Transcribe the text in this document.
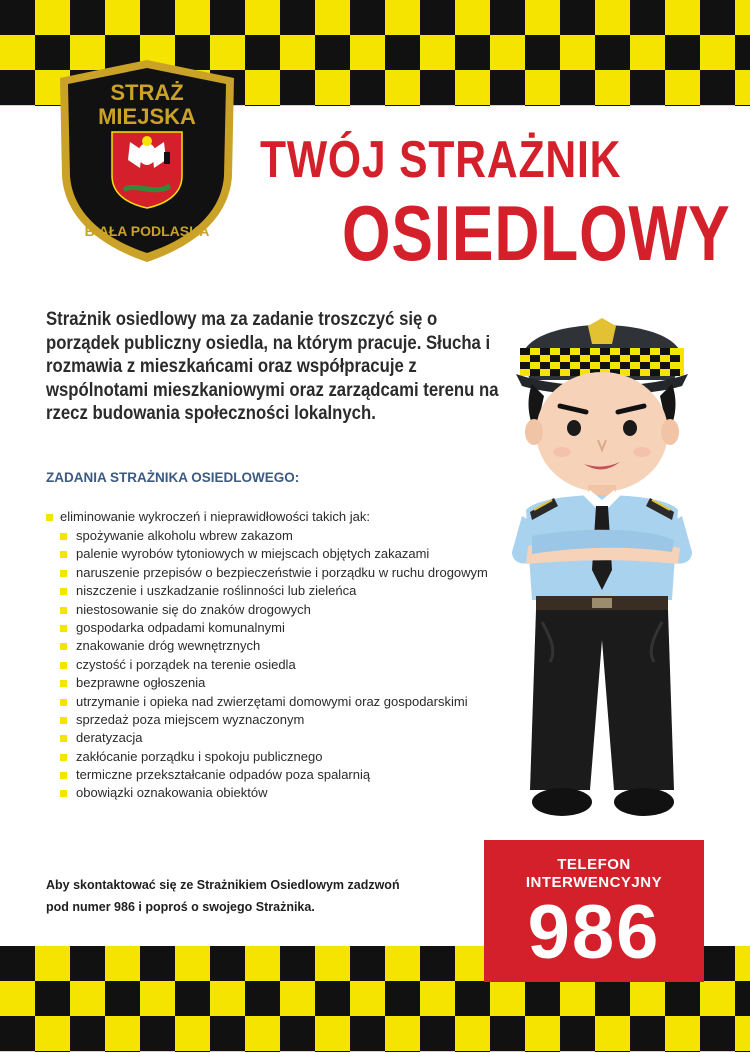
STRAŻ
MIEJSKA
BIAŁA PODLASKA
TWÓJ STRAŻNIK
OSIEDLOWY
Strażnik osiedlowy ma za zadanie troszczyć się o porządek publiczny osiedla, na którym pracuje. Słucha i rozmawia z mieszkańcami oraz współpracuje z wspólnotami mieszkaniowymi oraz zarządcami terenu na rzecz budowania społeczności lokalnych.
ZADANIA STRAŻNIKA OSIEDLOWEGO:
eliminowanie wykroczeń i nieprawidłowości takich jak:
spożywanie alkoholu wbrew zakazom
palenie wyrobów tytoniowych w miejscach objętych zakazami
naruszenie przepisów o bezpieczeństwie i porządku w ruchu drogowym
niszczenie i uszkadzanie roślinności lub zieleńca
niestosowanie się do znaków drogowych
gospodarka odpadami komunalnymi
znakowanie dróg wewnętrznych
czystość i porządek na terenie osiedla
bezprawne ogłoszenia
utrzymanie i opieka nad zwierzętami domowymi oraz gospodarskimi
sprzedaż poza miejscem wyznaczonym
deratyzacja
zakłócanie porządku i spokoju publicznego
termiczne przekształcanie odpadów poza spalarnią
obowiązki oznakowania obiektów
Aby skontaktować się ze Strażnikiem Osiedlowym zadzwoń
pod numer 986 i poproś o swojego Strażnika.
TELEFON
INTERWENCYJNY
986
